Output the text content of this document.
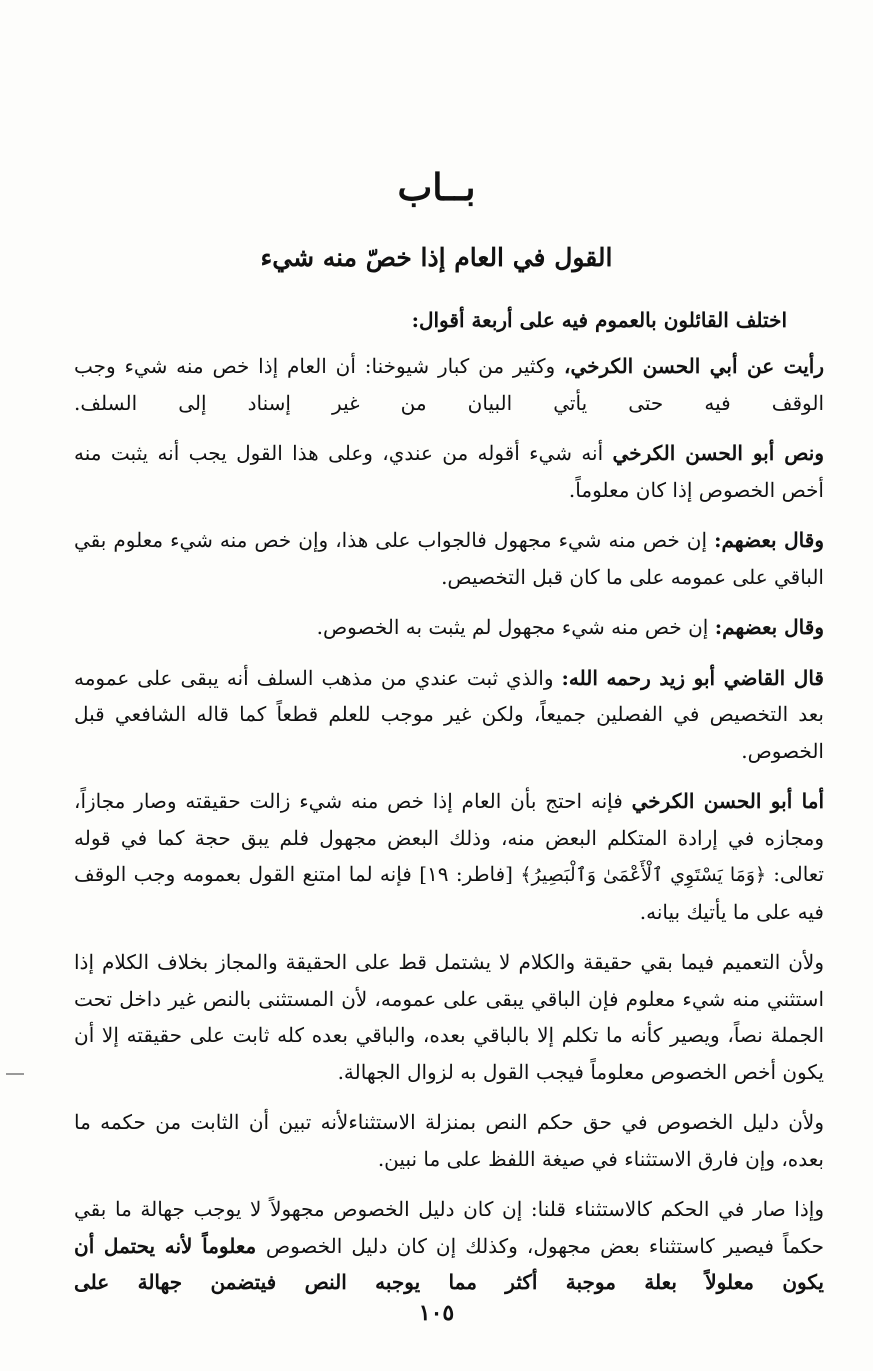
بــاب
القول في العام إذا خصّ منه شيء
اختلف القائلون بالعموم فيه على أربعة أقوال:

رأيت عن أبي الحسن الكرخي، وكثير من كبار شيوخنا: أن العام إذا خص منه شيء وجب الوقف فيه حتى يأتي البيان من غير إسناد إلى السلف.

ونص أبو الحسن الكرخي أنه شيء أقوله من عندي، وعلى هذا القول يجب أنه يثبت منه أخص الخصوص إذا كان معلوماً.

وقال بعضهم: إن خص منه شيء مجهول فالجواب على هذا، وإن خص منه شيء معلوم بقي الباقي على عمومه على ما كان قبل التخصيص.

وقال بعضهم: إن خص منه شيء مجهول لم يثبت به الخصوص.

قال القاضي أبو زيد رحمه الله: والذي ثبت عندي من مذهب السلف أنه يبقى على عمومه بعد التخصيص في الفصلين جميعاً، ولكن غير موجب للعلم قطعاً كما قاله الشافعي قبل الخصوص.

أما أبو الحسن الكرخي فإنه احتج بأن العام إذا خص منه شيء زالت حقيقته وصار مجازاً، ومجازه في إرادة المتكلم البعض منه، وذلك البعض مجهول فلم يبق حجة كما في قوله تعالى: ﴿وَمَا يَسْتَوِي ٱلْأَعْمَىٰ وَٱلْبَصِيرُ﴾ [فاطر: ١٩] فإنه لما امتنع القول بعمومه وجب الوقف فيه على ما يأتيك بيانه.

ولأن التعميم فيما بقي حقيقة والكلام لا يشتمل قط على الحقيقة والمجاز بخلاف الكلام إذا استثني منه شيء معلوم فإن الباقي يبقى على عمومه، لأن المستثنى بالنص غير داخل تحت الجملة نصاً، ويصير كأنه ما تكلم إلا بالباقي بعده، والباقي بعده كله ثابت على حقيقته إلا أن يكون أخص الخصوص معلوماً فيجب القول به لزوال الجهالة.

ولأن دليل الخصوص في حق حكم النص بمنزلة الاستثناءلأنه تبين أن الثابت من حكمه ما بعده، وإن فارق الاستثناء في صيغة اللفظ على ما نبين.

وإذا صار في الحكم كالاستثناء قلنا: إن كان دليل الخصوص مجهولاً لا يوجب جهالة ما بقي حكماً فيصير كاستثناء بعض مجهول، وكذلك إن كان دليل الخصوص معلوماً لأنه يحتمل أن يكون معلولاً بعلة موجبة أكثر مما يوجبه النص فيتضمن جهالة على

١٠٥
